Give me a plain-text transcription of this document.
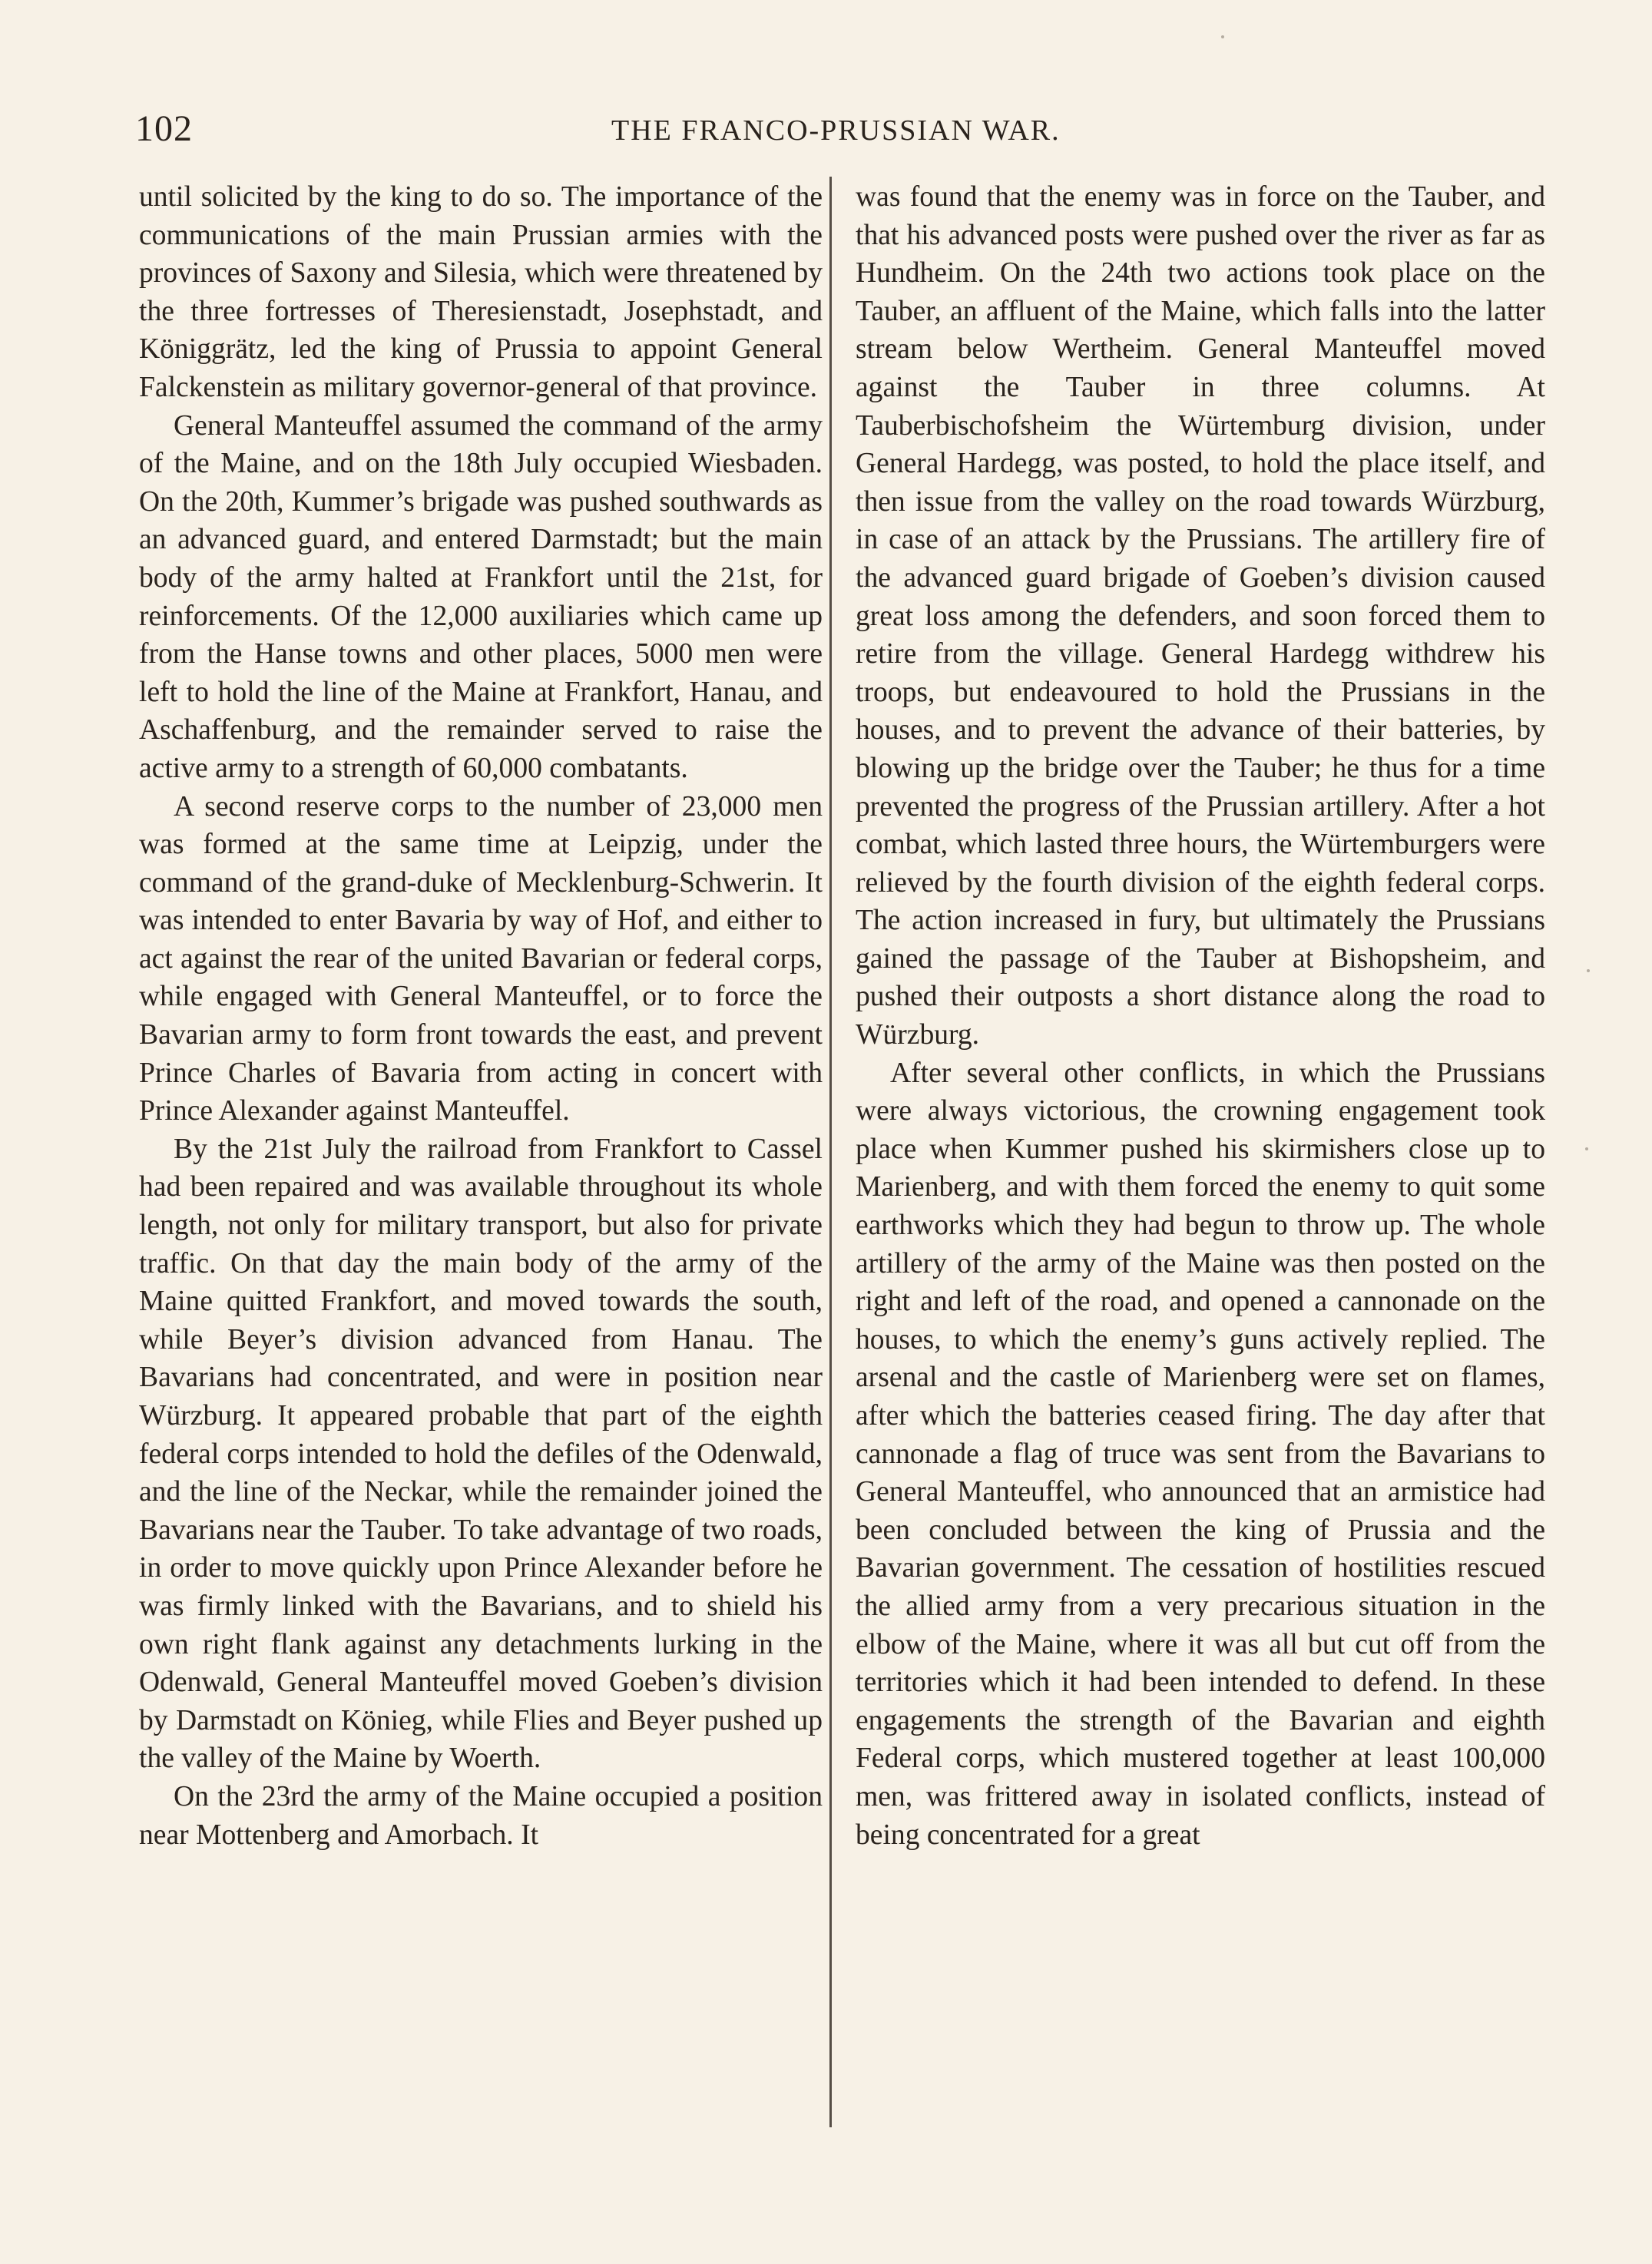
102	THE FRANCO-PRUSSIAN WAR.

until solicited by the king to do so. The importance of the communications of the main Prussian armies with the provinces of Saxony and Silesia, which were threatened by the three fortresses of Theresienstadt, Josephstadt, and Königgrätz, led the king of Prussia to appoint General Falckenstein as military governor-general of that province.

General Manteuffel assumed the command of the army of the Maine, and on the 18th July occupied Wiesbaden. On the 20th, Kummer’s brigade was pushed southwards as an advanced guard, and entered Darmstadt; but the main body of the army halted at Frankfort until the 21st, for reinforcements. Of the 12,000 auxiliaries which came up from the Hanse towns and other places, 5000 men were left to hold the line of the Maine at Frankfort, Hanau, and Aschaffenburg, and the remainder served to raise the active army to a strength of 60,000 combatants.

A second reserve corps to the number of 23,000 men was formed at the same time at Leipzig, under the command of the grand-duke of Mecklenburg-Schwerin. It was intended to enter Bavaria by way of Hof, and either to act against the rear of the united Bavarian or federal corps, while engaged with General Manteuffel, or to force the Bavarian army to form front towards the east, and prevent Prince Charles of Bavaria from acting in concert with Prince Alexander against Manteuffel.

By the 21st July the railroad from Frankfort to Cassel had been repaired and was available throughout its whole length, not only for military transport, but also for private traffic. On that day the main body of the army of the Maine quitted Frankfort, and moved towards the south, while Beyer’s division advanced from Hanau. The Bavarians had concentrated, and were in position near Würzburg. It appeared probable that part of the eighth federal corps intended to hold the defiles of the Odenwald, and the line of the Neckar, while the remainder joined the Bavarians near the Tauber. To take advantage of two roads, in order to move quickly upon Prince Alexander before he was firmly linked with the Bavarians, and to shield his own right flank against any detachments lurking in the Odenwald, General Manteuffel moved Goeben’s division by Darmstadt on Könieg, while Flies and Beyer pushed up the valley of the Maine by Woerth.

On the 23rd the army of the Maine occupied a position near Mottenberg and Amorbach. It

was found that the enemy was in force on the Tauber, and that his advanced posts were pushed over the river as far as Hundheim. On the 24th two actions took place on the Tauber, an affluent of the Maine, which falls into the latter stream below Wertheim. General Manteuffel moved against the Tauber in three columns. At Tauberbischofsheim the Würtemburg division, under General Hardegg, was posted, to hold the place itself, and then issue from the valley on the road towards Würzburg, in case of an attack by the Prussians. The artillery fire of the advanced guard brigade of Goeben’s division caused great loss among the defenders, and soon forced them to retire from the village. General Hardegg withdrew his troops, but endeavoured to hold the Prussians in the houses, and to prevent the advance of their batteries, by blowing up the bridge over the Tauber; he thus for a time prevented the progress of the Prussian artillery. After a hot combat, which lasted three hours, the Würtemburgers were relieved by the fourth division of the eighth federal corps. The action increased in fury, but ultimately the Prussians gained the passage of the Tauber at Bishopsheim, and pushed their outposts a short distance along the road to Würzburg.

After several other conflicts, in which the Prussians were always victorious, the crowning engagement took place when Kummer pushed his skirmishers close up to Marienberg, and with them forced the enemy to quit some earthworks which they had begun to throw up. The whole artillery of the army of the Maine was then posted on the right and left of the road, and opened a cannonade on the houses, to which the enemy’s guns actively replied. The arsenal and the castle of Marienberg were set on flames, after which the batteries ceased firing. The day after that cannonade a flag of truce was sent from the Bavarians to General Manteuffel, who announced that an armistice had been concluded between the king of Prussia and the Bavarian government. The cessation of hostilities rescued the allied army from a very precarious situation in the elbow of the Maine, where it was all but cut off from the territories which it had been intended to defend. In these engagements the strength of the Bavarian and eighth Federal corps, which mustered together at least 100,000 men, was frittered away in isolated conflicts, instead of being concentrated for a great
